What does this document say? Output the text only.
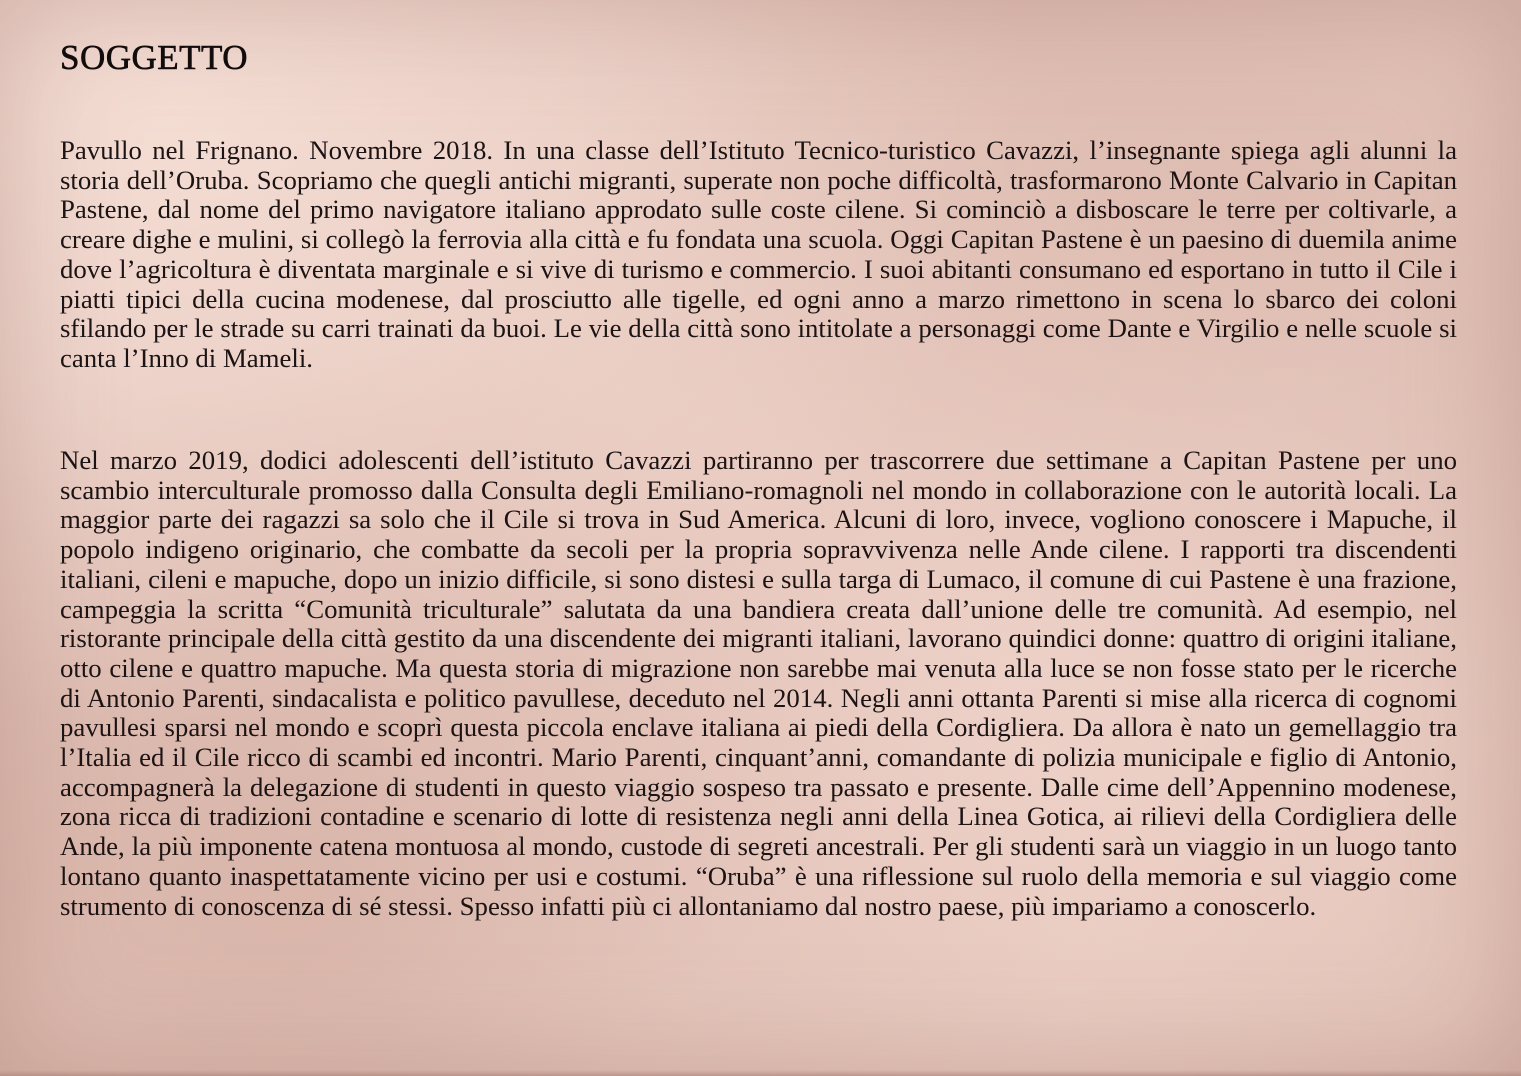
SOGGETTO

Pavullo nel Frignano. Novembre 2018. In una classe dell’Istituto Tecnico-turistico Cavazzi, l’insegnante spiega agli alunni la storia dell’Oruba. Scopriamo che quegli antichi migranti, superate non poche difficoltà, trasformarono Monte Calvario in Capitan Pastene, dal nome del primo navigatore italiano approdato sulle coste cilene. Si cominciò a disboscare le terre per coltivarle, a creare dighe e mulini, si collegò la ferrovia alla città e fu fondata una scuola. Oggi Capitan Pastene è un paesino di duemila anime dove l’agricoltura è diventata marginale e si vive di turismo e commercio. I suoi abitanti consumano ed esportano in tutto il Cile i piatti tipici della cucina modenese, dal prosciutto alle tigelle, ed ogni anno a marzo rimettono in scena lo sbarco dei coloni sfilando per le strade su carri trainati da buoi. Le vie della città sono intitolate a personaggi come Dante e Virgilio e nelle scuole si canta l’Inno di Mameli.

Nel marzo 2019, dodici adolescenti dell’istituto Cavazzi partiranno per trascorrere due settimane a Capitan Pastene per uno scambio interculturale promosso dalla Consulta degli Emiliano-romagnoli nel mondo in collaborazione con le autorità locali. La maggior parte dei ragazzi sa solo che il Cile si trova in Sud America. Alcuni di loro, invece, vogliono conoscere i Mapuche, il popolo indigeno originario, che combatte da secoli per la propria sopravvivenza nelle Ande cilene. I rapporti tra discendenti italiani, cileni e mapuche, dopo un inizio difficile, si sono distesi e sulla targa di Lumaco, il comune di cui Pastene è una frazione, campeggia la scritta “Comunità triculturale” salutata da una bandiera creata dall’unione delle tre comunità. Ad esempio, nel ristorante principale della città gestito da una discendente dei migranti italiani, lavorano quindici donne: quattro di origini italiane, otto cilene e quattro mapuche. Ma questa storia di migrazione non sarebbe mai venuta alla luce se non fosse stato per le ricerche di Antonio Parenti, sindacalista e politico pavullese, deceduto nel 2014. Negli anni ottanta Parenti si mise alla ricerca di cognomi pavullesi sparsi nel mondo e scoprì questa piccola enclave italiana ai piedi della Cordigliera. Da allora è nato un gemellaggio tra l’Italia ed il Cile ricco di scambi ed incontri. Mario Parenti, cinquant’anni, comandante di polizia municipale e figlio di Antonio, accompagnerà la delegazione di studenti in questo viaggio sospeso tra passato e presente. Dalle cime dell’Appennino modenese, zona ricca di tradizioni contadine e scenario di lotte di resistenza negli anni della Linea Gotica, ai rilievi della Cordigliera delle Ande, la più imponente catena montuosa al mondo, custode di segreti ancestrali. Per gli studenti sarà un viaggio in un luogo tanto lontano quanto inaspettatamente vicino per usi e costumi. “Oruba” è una riflessione sul ruolo della memoria e sul viaggio come strumento di conoscenza di sé stessi. Spesso infatti più ci allontaniamo dal nostro paese, più impariamo a conoscerlo.
